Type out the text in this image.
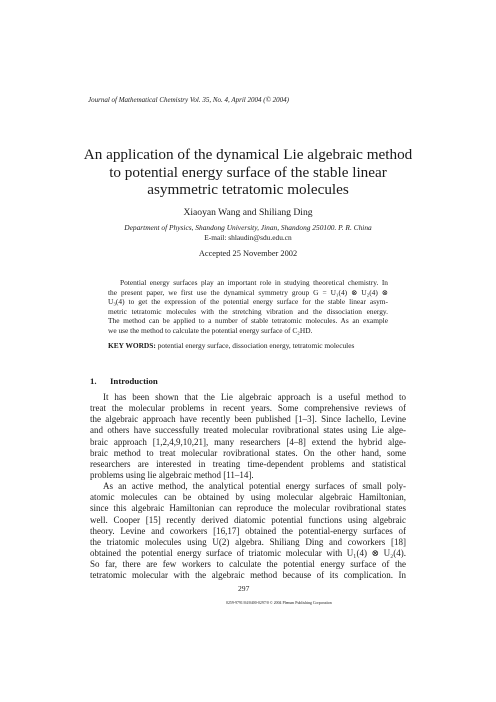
Journal of Mathematical Chemistry Vol. 35, No. 4, April 2004 (© 2004)
An application of the dynamical Lie algebraic method
to potential energy surface of the stable linear
asymmetric tetratomic molecules
Xiaoyan Wang and Shiliang Ding
Department of Physics, Shandong University, Jinan, Shandong 250100. P. R. China
E-mail: shlaudin@sdu.edu.cn
Accepted 25 November 2002
Potential energy surfaces play an important role in studying theoretical chemistry. In
the present paper, we first use the dynamical symmetry group G = U₁(4) ⊗ U₂(4) ⊗
U₃(4) to get the expression of the potential energy surface for the stable linear asym-
metric tetratomic molecules with the stretching vibration and the dissociation energy.
The method can be applied to a number of stable tetratomic molecules. As an example
we use the method to calculate the potential energy surface of C₂HD.
KEY WORDS: potential energy surface, dissociation energy, tetratomic molecules
1. Introduction
It has been shown that the Lie algebraic approach is a useful method to
treat the molecular problems in recent years. Some comprehensive reviews of
the algebraic approach have recently been published [1–3]. Since Iachello, Levine
and others have successfully treated molecular rovibrational states using Lie alge-
braic approach [1,2,4,9,10,21], many researchers [4–8] extend the hybrid alge-
braic method to treat molecular rovibrational states. On the other hand, some
researchers are interested in treating time-dependent problems and statistical
problems using lie algebraic method [11–14].
As an active method, the analytical potential energy surfaces of small poly-
atomic molecules can be obtained by using molecular algebraic Hamiltonian,
since this algebraic Hamiltonian can reproduce the molecular rovibrational states
well. Cooper [15] recently derived diatomic potential functions using algebraic
theory. Levine and coworkers [16,17] obtained the potential-energy surfaces of
the triatomic molecules using U(2) algebra. Shiliang Ding and coworkers [18]
obtained the potential energy surface of triatomic molecular with U₁(4) ⊗ U₂(4).
So far, there are few workers to calculate the potential energy surface of the
tetratomic molecular with the algebraic method because of its complication. In
297
0259-9791/04/0400-0297/0 © 2004 Plenum Publishing Corporation
